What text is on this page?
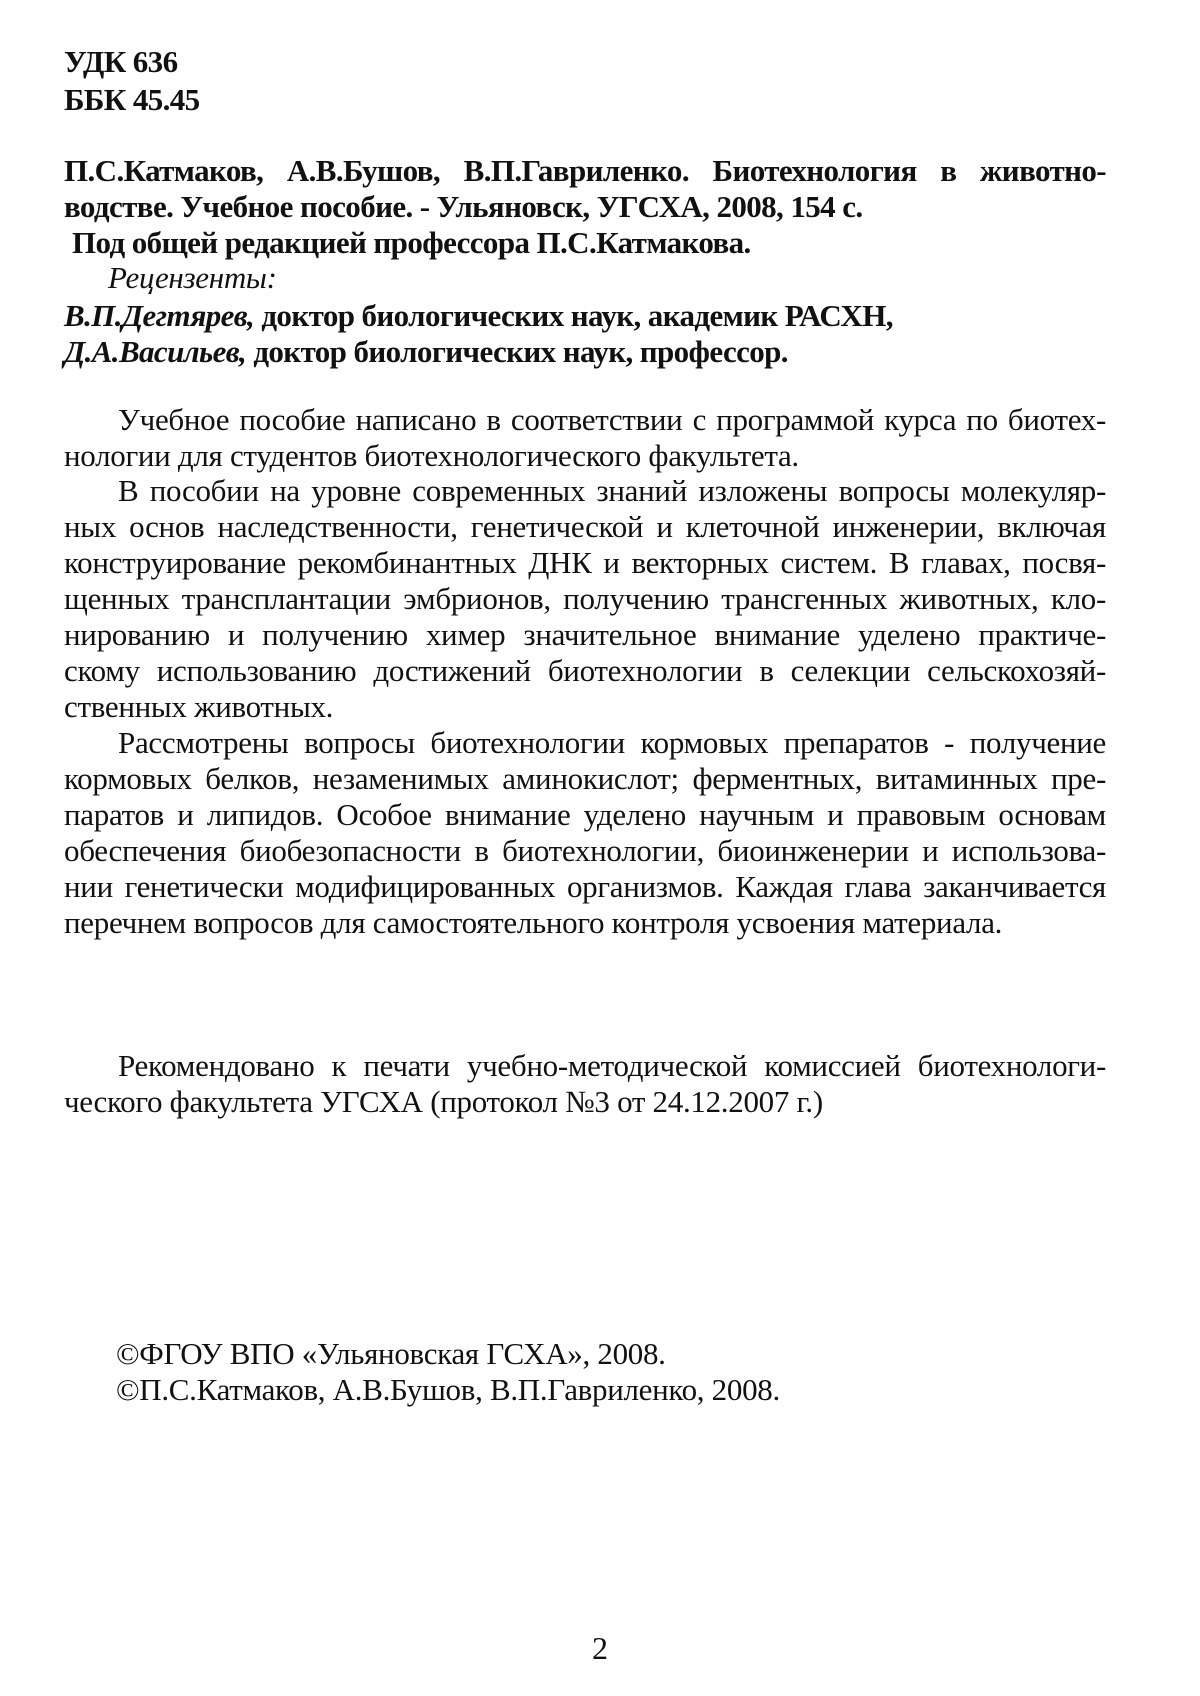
УДК 636
ББК 45.45
П.С.Катмаков, А.В.Бушов, В.П.Гавриленко. Биотехнология в животно-
водстве. Учебное пособие. - Ульяновск, УГСХА, 2008, 154 с.
Под общей редакцией профессора П.С.Катмакова.
Рецензенты:
В.П.Дегтярев, доктор биологических наук, академик РАСХН,
Д.А.Васильев, доктор биологических наук, профессор.
Учебное пособие написано в соответствии с программой курса по биотех-
нологии для студентов биотехнологического факультета.
В пособии на уровне современных знаний изложены вопросы молекуляр-
ных основ наследственности, генетической и клеточной инженерии, включая
конструирование рекомбинантных ДНК и векторных систем. В главах, посвя-
щенных трансплантации эмбрионов, получению трансгенных животных, кло-
нированию и получению химер значительное внимание уделено практиче-
скому использованию достижений биотехнологии в селекции сельскохозяй-
ственных животных.
Рассмотрены вопросы биотехнологии кормовых препаратов - получение
кормовых белков, незаменимых аминокислот; ферментных, витаминных пре-
паратов и липидов. Особое внимание уделено научным и правовым основам
обеспечения биобезопасности в биотехнологии, биоинженерии и использова-
нии генетически модифицированных организмов. Каждая глава заканчивается
перечнем вопросов для самостоятельного контроля усвоения материала.
Рекомендовано к печати учебно-методической комиссией биотехнологи-
ческого факультета УГСХА (протокол №3 от 24.12.2007 г.)
©ФГОУ ВПО «Ульяновская ГСХА», 2008.
©П.С.Катмаков, А.В.Бушов, В.П.Гавриленко, 2008.
2
